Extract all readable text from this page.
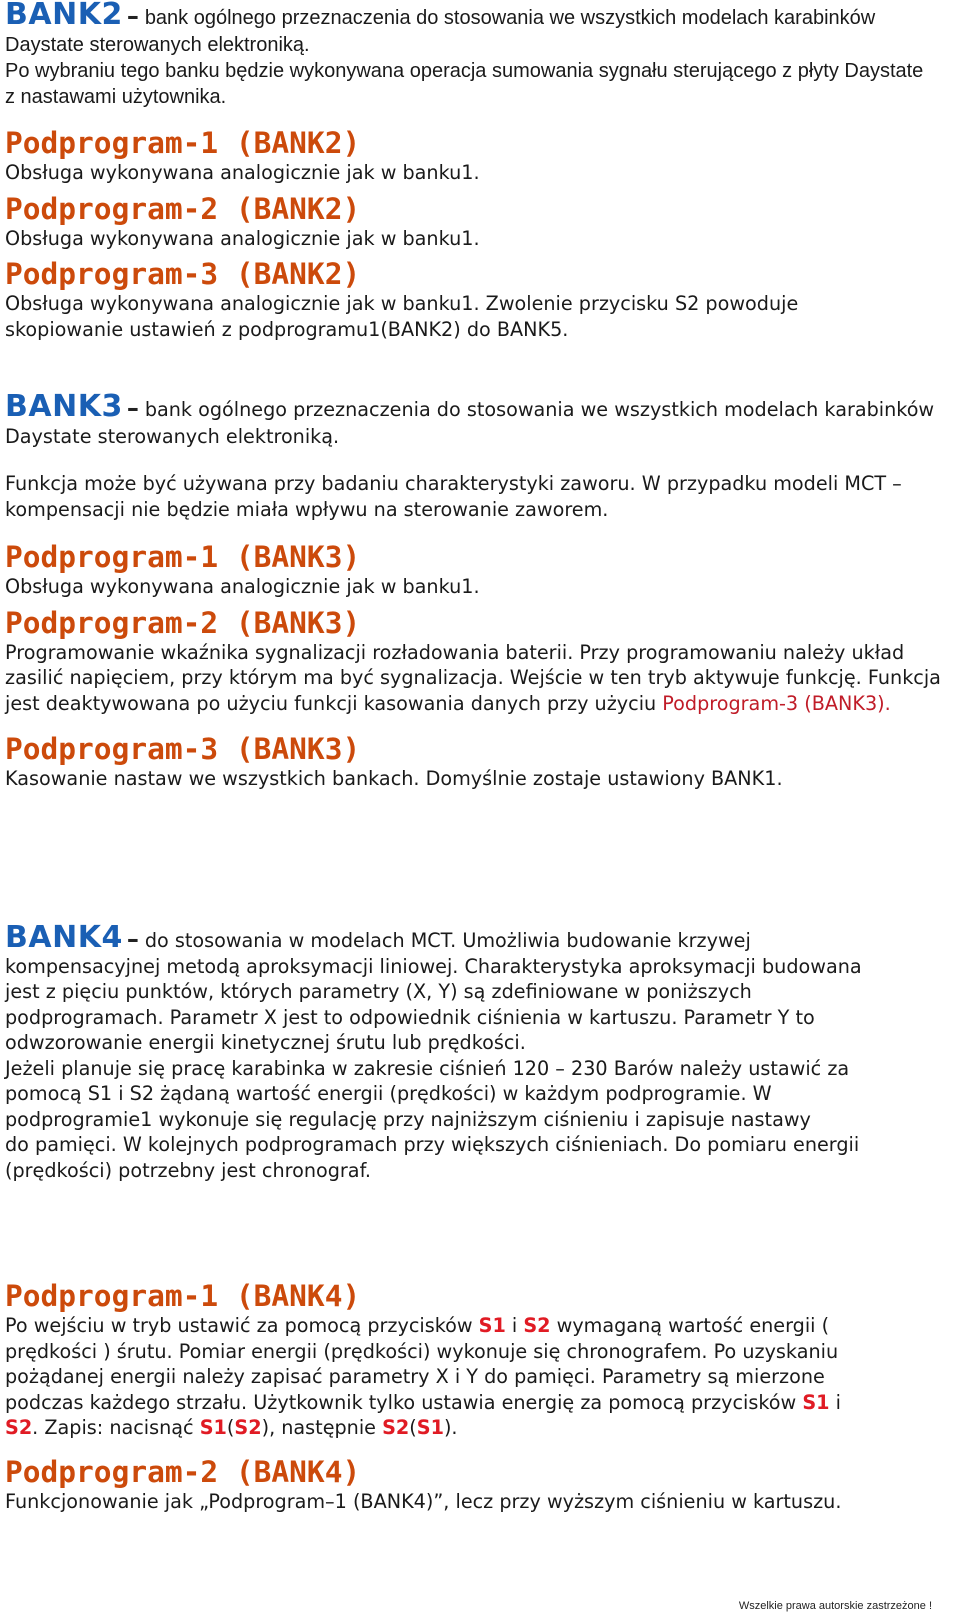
BANK2 – bank ogólnego przeznaczenia do stosowania we wszystkich modelach karabinków Daystate sterowanych elektroniką.

Po wybraniu tego banku będzie wykonywana operacja sumowania sygnału sterującego z płyty Daystate z nastawami użytownika.

Podprogram-1 (BANK2)

Obsługa wykonywana analogicznie jak w banku1.

Podprogram-2 (BANK2)

Obsługa wykonywana analogicznie jak w banku1.

Podprogram-3 (BANK2)

Obsługa wykonywana analogicznie jak w banku1. Zwolenie przycisku S2 powoduje skopiowanie ustawień z podprogramu1(BANK2) do BANK5.

BANK3 – bank ogólnego przeznaczenia do stosowania we wszystkich modelach karabinków Daystate sterowanych elektroniką.

Funkcja może być używana przy badaniu charakterystyki zaworu. W przypadku modeli MCT – kompensacji nie będzie miała wpływu na sterowanie zaworem.

Podprogram-1 (BANK3)

Obsługa wykonywana analogicznie jak w banku1.

Podprogram-2 (BANK3)

Programowanie wkaźnika sygnalizacji rozładowania baterii. Przy programowaniu należy układ zasilić napięciem, przy którym ma być sygnalizacja. Wejście w ten tryb aktywuje funkcję. Funkcja jest deaktywowana po użyciu funkcji kasowania danych przy użyciu Podprogram-3 (BANK3).

Podprogram-3 (BANK3)

Kasowanie nastaw we wszystkich bankach. Domyślnie zostaje ustawiony BANK1.

BANK4 – do stosowania w modelach MCT. Umożliwia budowanie krzywej

kompensacyjnej metodą aproksymacji liniowej. Charakterystyka aproksymacji budowana

jest z pięciu punktów, których parametry (X, Y) są zdefiniowane w poniższych

podprogramach. Parametr X jest to odpowiednik ciśnienia w kartuszu. Parametr Y to

odwzorowanie energii kinetycznej śrutu lub prędkości.

Jeżeli planuje się pracę karabinka w zakresie ciśnień 120 – 230 Barów należy ustawić za

pomocą S1 i S2 żądaną wartość energii (prędkości) w każdym podprogramie. W

podprogramie1 wykonuje się regulację przy najniższym ciśnieniu i zapisuje nastawy

do pamięci. W kolejnych podprogramach przy większych ciśnieniach. Do pomiaru energii

(prędkości) potrzebny jest chronograf.

Podprogram-1 (BANK4)

Po wejściu w tryb ustawić za pomocą przycisków S1 i S2 wymaganą wartość energii (

prędkości ) śrutu. Pomiar energii (prędkości) wykonuje się chronografem. Po uzyskaniu

pożądanej energii należy zapisać parametry X i Y do pamięci. Parametry są mierzone

podczas każdego strzału. Użytkownik tylko ustawia energię za pomocą przycisków S1 i

S2. Zapis: nacisnąć S1(S2), następnie S2(S1).

Podprogram-2 (BANK4)

Funkcjonowanie jak „Podprogram–1 (BANK4)”, lecz przy wyższym ciśnieniu w kartuszu.

Wszelkie prawa autorskie zastrzeżone !
